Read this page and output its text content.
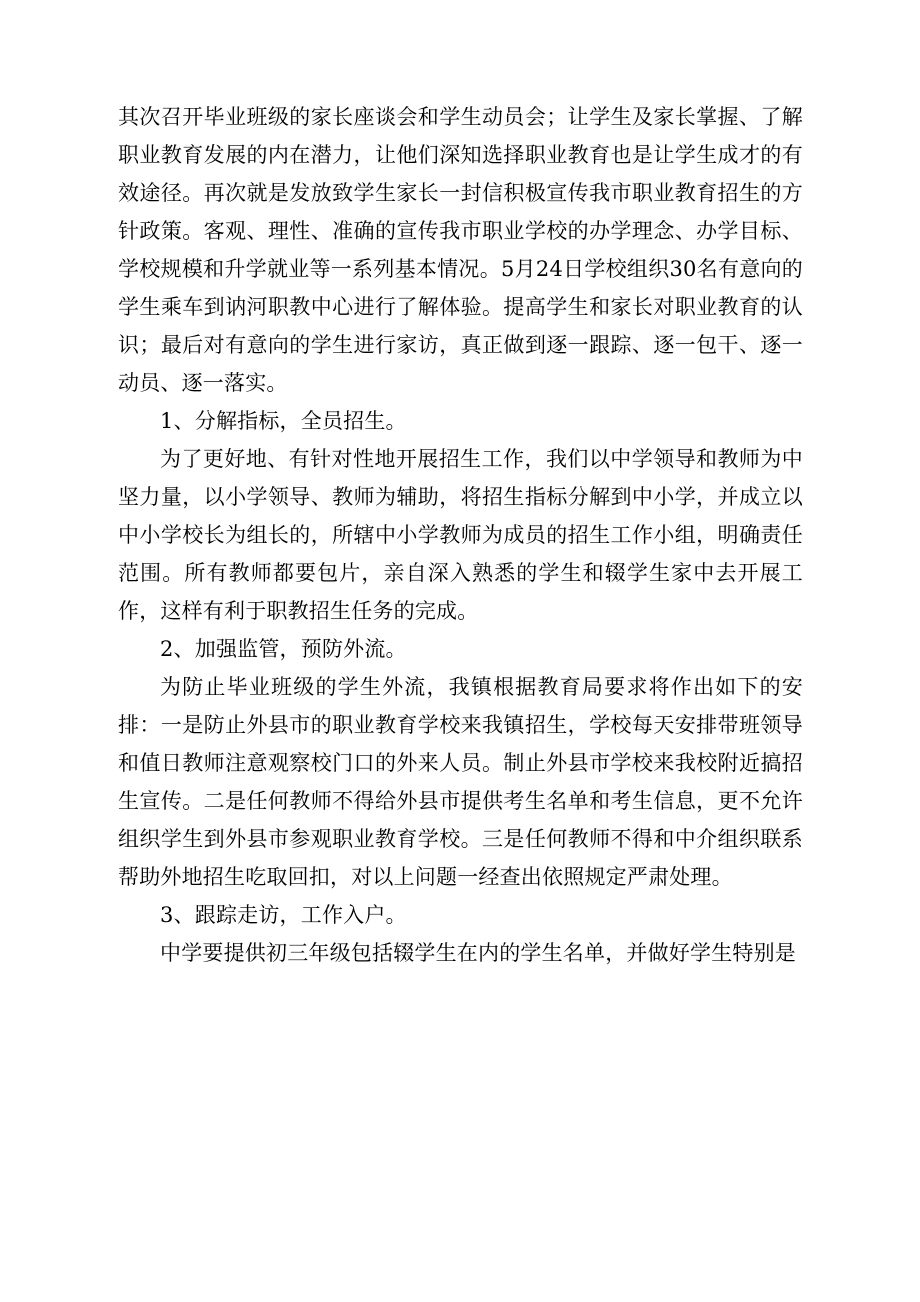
其次召开毕业班级的家长座谈会和学生动员会；让学生及家长掌握、了解职业教育发展的内在潜力，让他们深知选择职业教育也是让学生成才的有效途径。再次就是发放致学生家长一封信积极宣传我市职业教育招生的方针政策。客观、理性、准确的宣传我市职业学校的办学理念、办学目标、学校规模和升学就业等一系列基本情况。5月24日学校组织30名有意向的学生乘车到讷河职教中心进行了解体验。提高学生和家长对职业教育的认识；最后对有意向的学生进行家访，真正做到逐一跟踪、逐一包干、逐一动员、逐一落实。

1、分解指标，全员招生。

为了更好地、有针对性地开展招生工作，我们以中学领导和教师为中坚力量，以小学领导、教师为辅助，将招生指标分解到中小学，并成立以中小学校长为组长的，所辖中小学教师为成员的招生工作小组，明确责任范围。所有教师都要包片，亲自深入熟悉的学生和辍学生家中去开展工作，这样有利于职教招生任务的完成。

2、加强监管，预防外流。

为防止毕业班级的学生外流，我镇根据教育局要求将作出如下的安排：一是防止外县市的职业教育学校来我镇招生，学校每天安排带班领导和值日教师注意观察校门口的外来人员。制止外县市学校来我校附近搞招生宣传。二是任何教师不得给外县市提供考生名单和考生信息，更不允许组织学生到外县市参观职业教育学校。三是任何教师不得和中介组织联系帮助外地招生吃取回扣，对以上问题一经查出依照规定严肃处理。

3、跟踪走访，工作入户。

中学要提供初三年级包括辍学生在内的学生名单，并做好学生特别是
